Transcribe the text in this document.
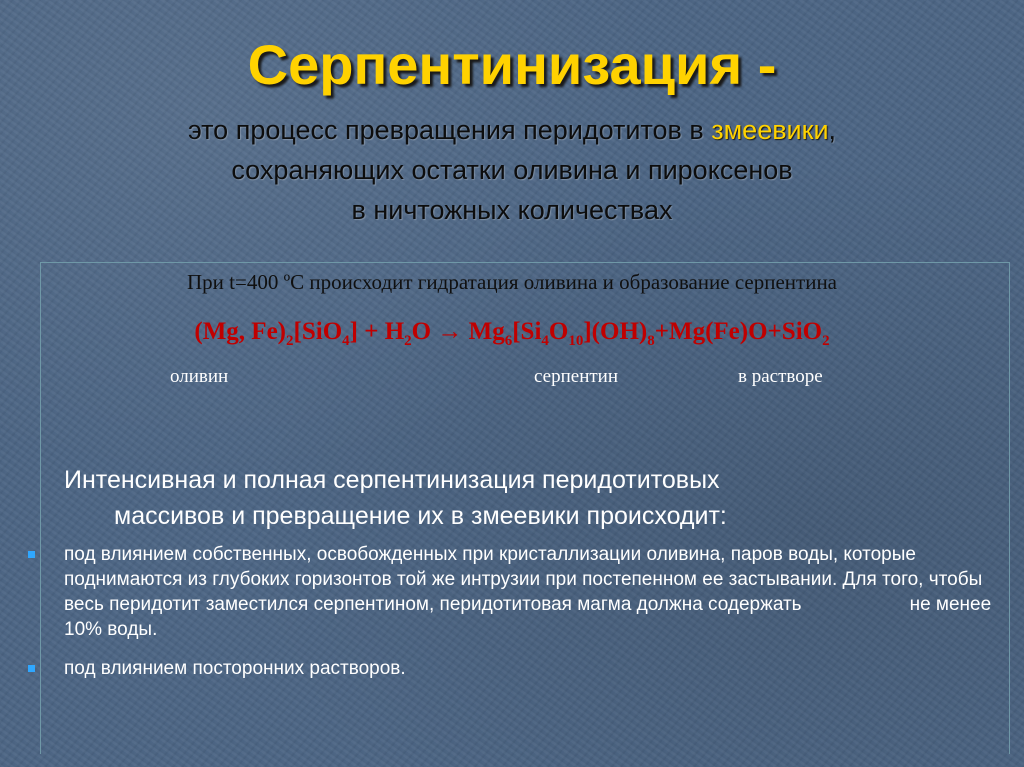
Серпентинизация -
это процесс превращения перидотитов в змеевики,
сохраняющих остатки оливина и пироксенов
в ничтожных количествах
При t=400 ºС происходит гидратация оливина и образование серпентина
(Mg, $Fe)_2[SiO_4] + H_2O \to Mg_6[Si_4O_{10}](OH)_8+Mg(Fe)O+SiO_2$
оливин	серпентин	в растворе
Интенсивная и полная серпентинизация перидотитовых
массивов и превращение их в змеевики происходит:
под влиянием собственных, освобожденных при кристаллизации оливина, паров воды, которые поднимаются из глубоких горизонтов той же интрузии при постепенном ее застывании. Для того, чтобы весь перидотит заместился серпентином, перидотитовая магма должна содержать	не менее 10% воды.
под влиянием посторонних растворов.
